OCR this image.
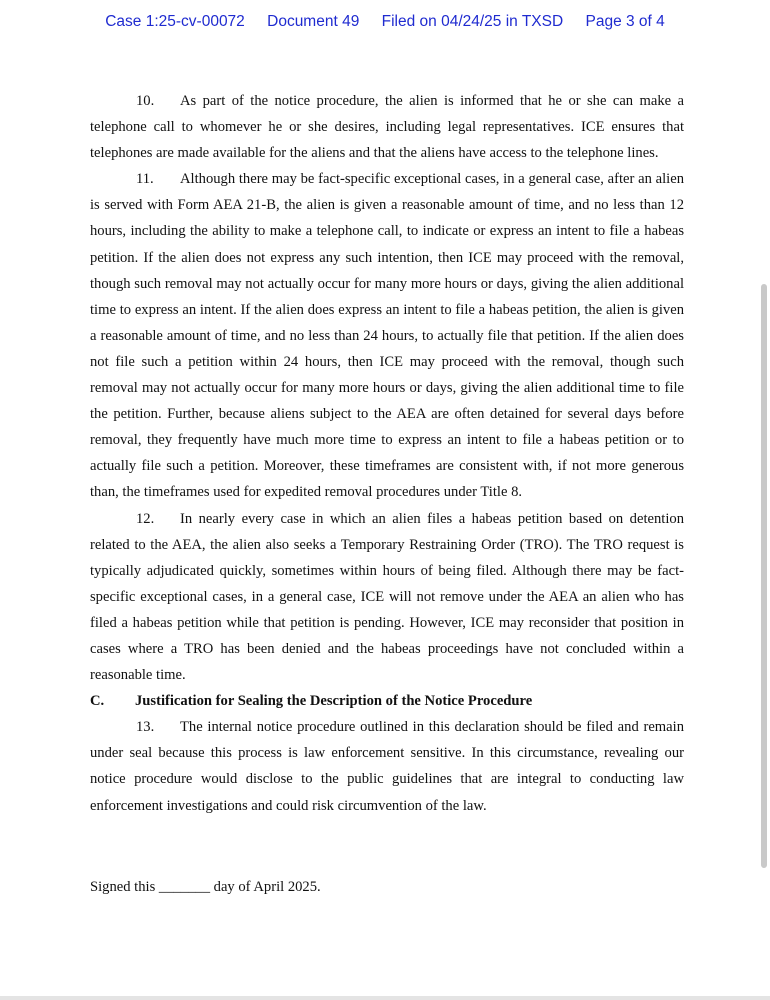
Case 1:25-cv-00072 Document 49 Filed on 04/24/25 in TXSD Page 3 of 4

10. As part of the notice procedure, the alien is informed that he or she can make a telephone call to whomever he or she desires, including legal representatives. ICE ensures that telephones are made available for the aliens and that the aliens have access to the telephone lines.

11. Although there may be fact-specific exceptional cases, in a general case, after an alien is served with Form AEA 21-B, the alien is given a reasonable amount of time, and no less than 12 hours, including the ability to make a telephone call, to indicate or express an intent to file a habeas petition. If the alien does not express any such intention, then ICE may proceed with the removal, though such removal may not actually occur for many more hours or days, giving the alien additional time to express an intent. If the alien does express an intent to file a habeas petition, the alien is given a reasonable amount of time, and no less than 24 hours, to actually file that petition. If the alien does not file such a petition within 24 hours, then ICE may proceed with the removal, though such removal may not actually occur for many more hours or days, giving the alien additional time to file the petition. Further, because aliens subject to the AEA are often detained for several days before removal, they frequently have much more time to express an intent to file a habeas petition or to actually file such a petition. Moreover, these timeframes are consistent with, if not more generous than, the timeframes used for expedited removal procedures under Title 8.

12. In nearly every case in which an alien files a habeas petition based on detention related to the AEA, the alien also seeks a Temporary Restraining Order (TRO). The TRO request is typically adjudicated quickly, sometimes within hours of being filed. Although there may be fact-specific exceptional cases, in a general case, ICE will not remove under the AEA an alien who has filed a habeas petition while that petition is pending. However, ICE may reconsider that position in cases where a TRO has been denied and the habeas proceedings have not concluded within a reasonable time.

C. Justification for Sealing the Description of the Notice Procedure

13. The internal notice procedure outlined in this declaration should be filed and remain under seal because this process is law enforcement sensitive. In this circumstance, revealing our notice procedure would disclose to the public guidelines that are integral to conducting law enforcement investigations and could risk circumvention of the law.

Signed this _______ day of April 2025.
